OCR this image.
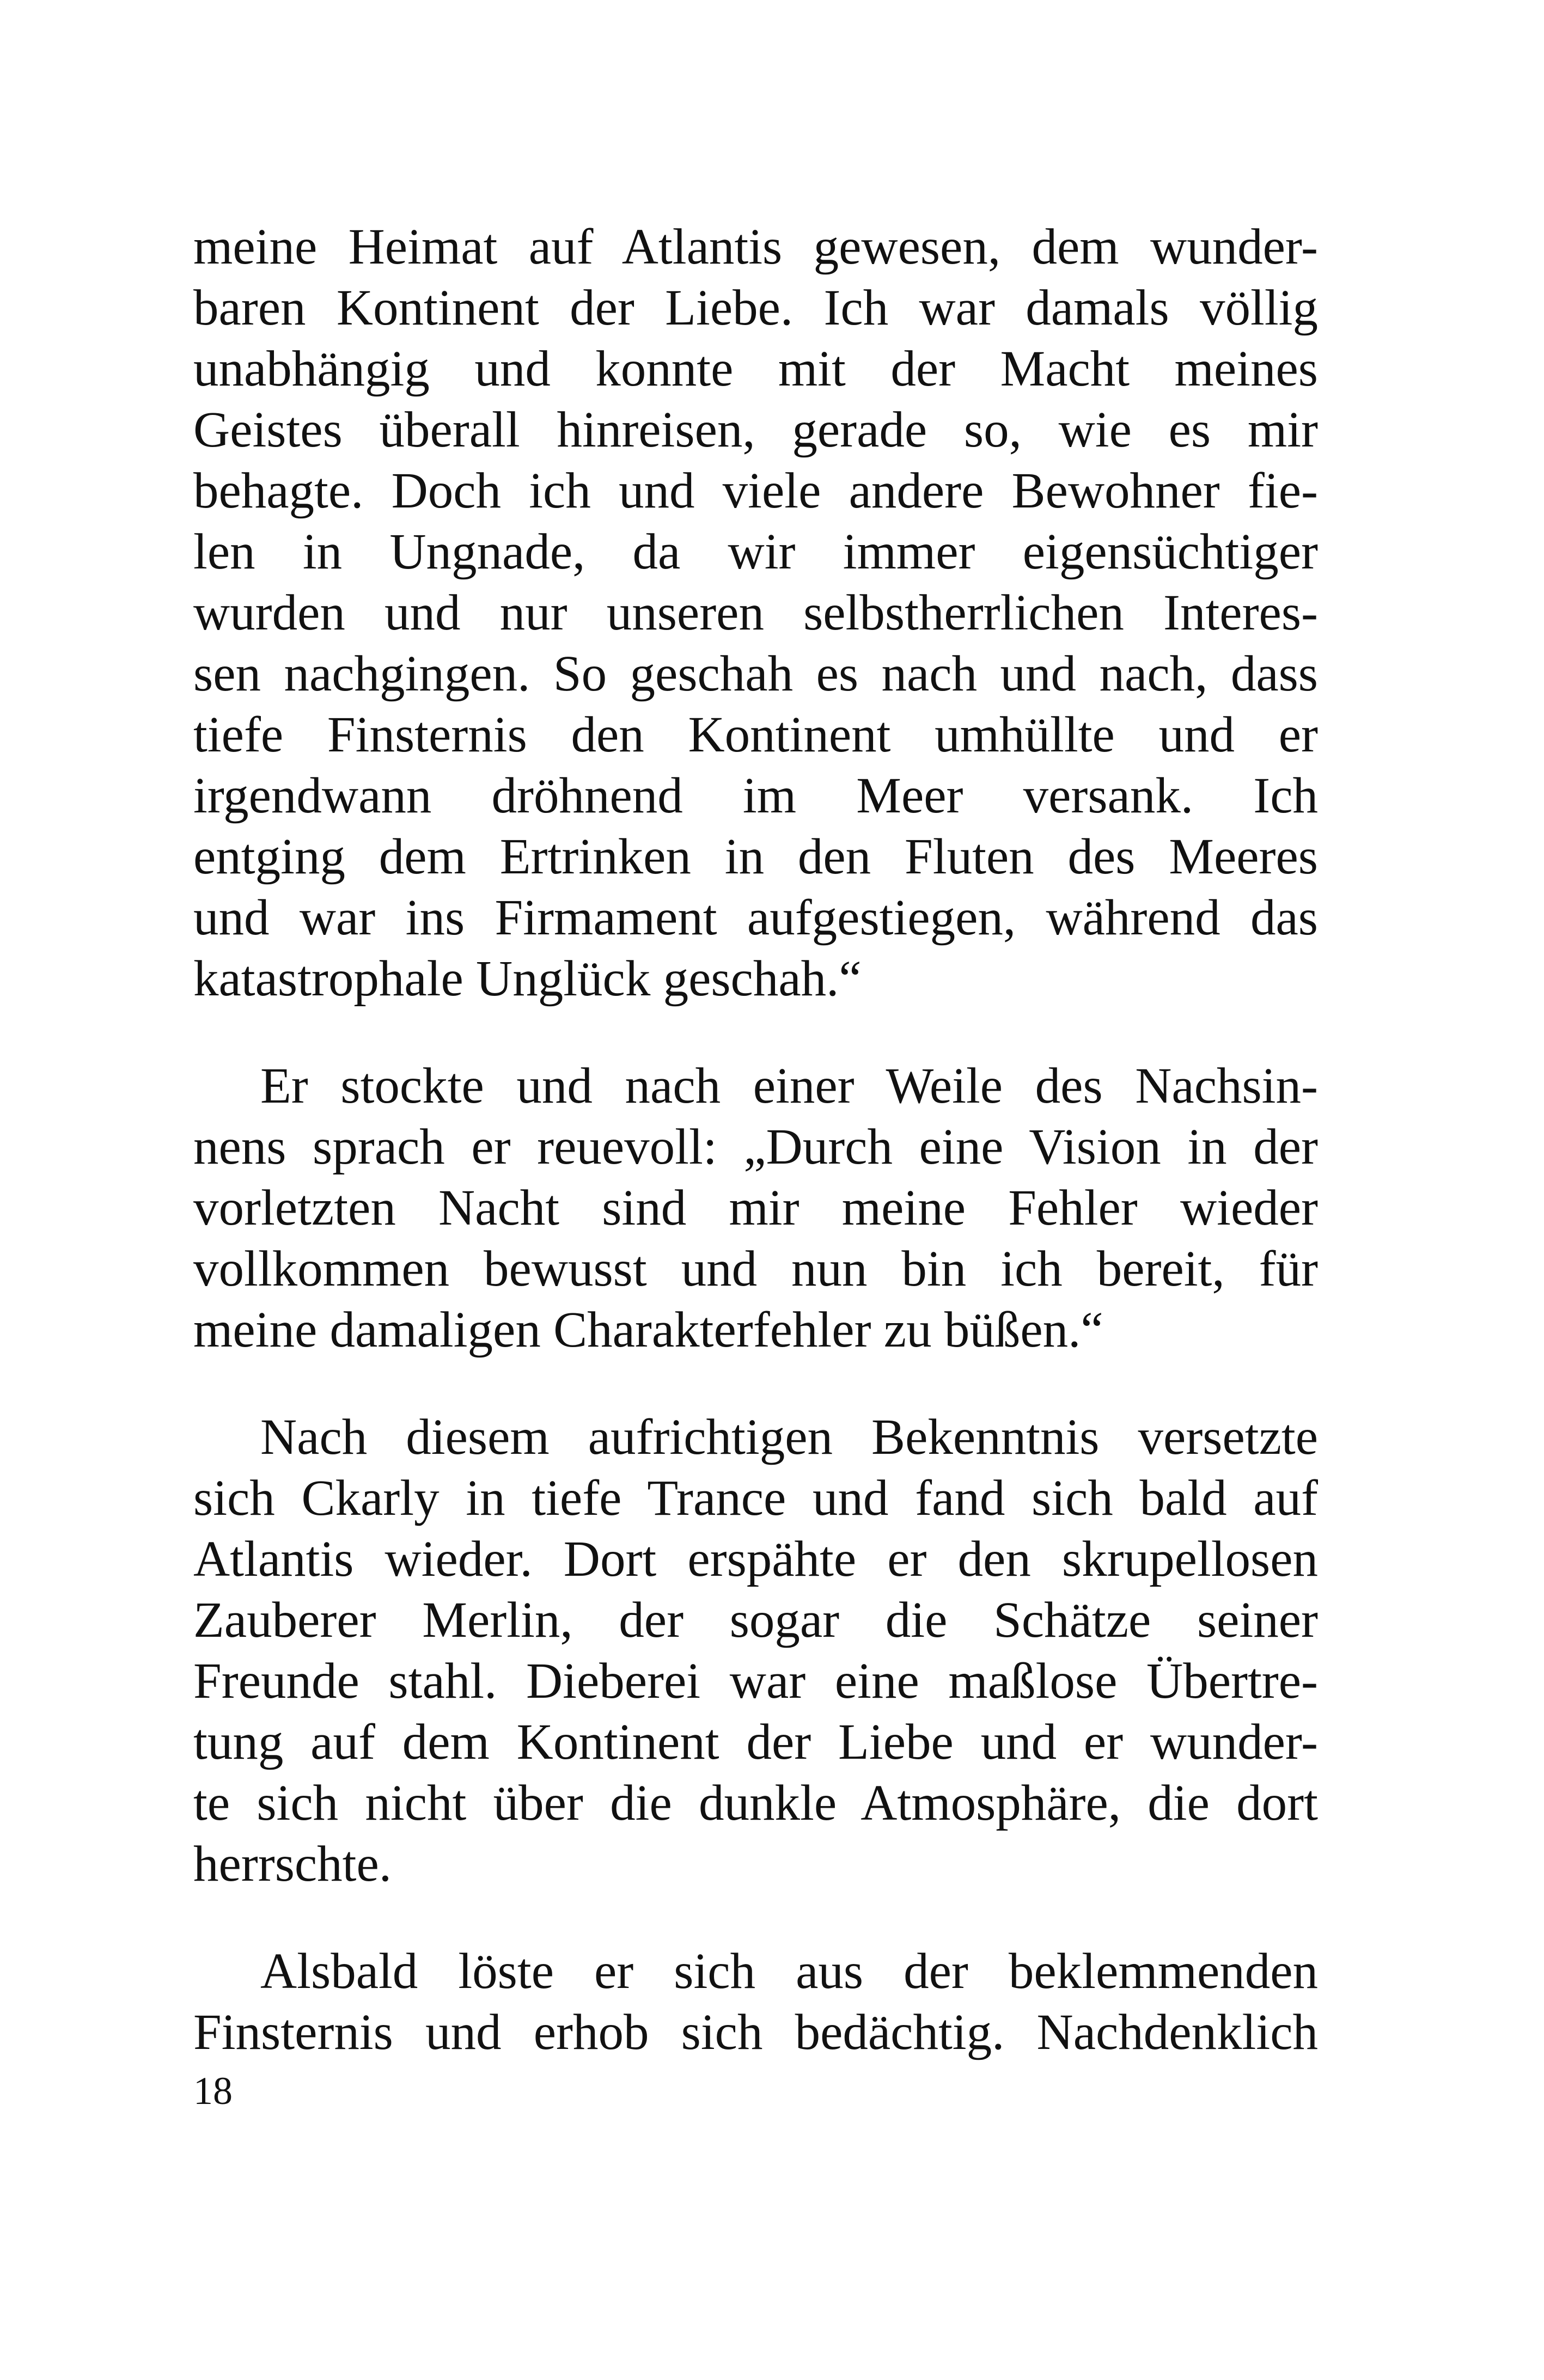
meine Heimat auf Atlantis gewesen, dem wunder-
baren Kontinent der Liebe. Ich war damals völlig
unabhängig und konnte mit der Macht meines
Geistes überall hinreisen, gerade so, wie es mir
behagte. Doch ich und viele andere Bewohner fie-
len in Ungnade, da wir immer eigensüchtiger
wurden und nur unseren selbstherrlichen Interes-
sen nachgingen. So geschah es nach und nach, dass
tiefe Finsternis den Kontinent umhüllte und er
irgendwann dröhnend im Meer versank. Ich
entging dem Ertrinken in den Fluten des Meeres
und war ins Firmament aufgestiegen, während das
katastrophale Unglück geschah.“
Er stockte und nach einer Weile des Nachsin-
nens sprach er reuevoll: „Durch eine Vision in der
vorletzten Nacht sind mir meine Fehler wieder
vollkommen bewusst und nun bin ich bereit, für
meine damaligen Charakterfehler zu büßen.“
Nach diesem aufrichtigen Bekenntnis versetzte
sich Ckarly in tiefe Trance und fand sich bald auf
Atlantis wieder. Dort erspähte er den skrupellosen
Zauberer Merlin, der sogar die Schätze seiner
Freunde stahl. Dieberei war eine maßlose Übertre-
tung auf dem Kontinent der Liebe und er wunder-
te sich nicht über die dunkle Atmosphäre, die dort
herrschte.
Alsbald löste er sich aus der beklemmenden
Finsternis und erhob sich bedächtig. Nachdenklich
18
